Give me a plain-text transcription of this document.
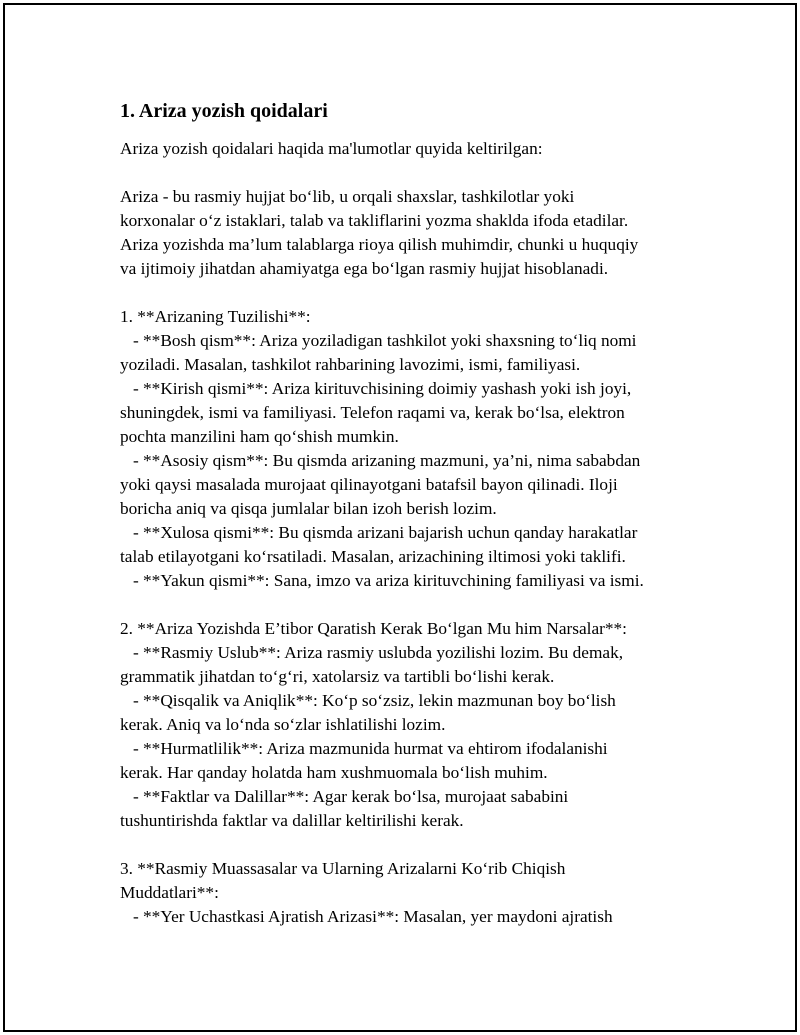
1. Ariza yozish qoidalari

Ariza yozish qoidalari haqida ma'lumotlar quyida keltirilgan:

Ariza - bu rasmiy hujjat bo‘lib, u orqali shaxslar, tashkilotlar yoki
korxonalar o‘z istaklari, talab va takliflarini yozma shaklda ifoda etadilar.
Ariza yozishda ma’lum talablarga rioya qilish muhimdir, chunki u huquqiy
va ijtimoiy jihatdan ahamiyatga ega bo‘lgan rasmiy hujjat hisoblanadi.

1. **Arizaning Tuzilishi**:
- **Bosh qism**: Ariza yoziladigan tashkilot yoki shaxsning to‘liq nomi
yoziladi. Masalan, tashkilot rahbarining lavozimi, ismi, familiyasi.
- **Kirish qismi**: Ariza kirituvchisining doimiy yashash yoki ish joyi,
shuningdek, ismi va familiyasi. Telefon raqami va, kerak bo‘lsa, elektron
pochta manzilini ham qo‘shish mumkin.
- **Asosiy qism**: Bu qismda arizaning mazmuni, ya’ni, nima sababdan
yoki qaysi masalada murojaat qilinayotgani batafsil bayon qilinadi. Iloji
boricha aniq va qisqa jumlalar bilan izoh berish lozim.
- **Xulosa qismi**: Bu qismda arizani bajarish uchun qanday harakatlar
talab etilayotgani ko‘rsatiladi. Masalan, arizachining iltimosi yoki taklifi.
- **Yakun qismi**: Sana, imzo va ariza kirituvchining familiyasi va ismi.

2. **Ariza Yozishda E’tibor Qaratish Kerak Bo‘lgan Mu him Narsalar**:
- **Rasmiy Uslub**: Ariza rasmiy uslubda yozilishi lozim. Bu demak,
grammatik jihatdan to‘g‘ri, xatolarsiz va tartibli bo‘lishi kerak.
- **Qisqalik va Aniqlik**: Ko‘p so‘zsiz, lekin mazmunan boy bo‘lish
kerak. Aniq va lo‘nda so‘zlar ishlatilishi lozim.
- **Hurmatlilik**: Ariza mazmunida hurmat va ehtirom ifodalanishi
kerak. Har qanday holatda ham xushmuomala bo‘lish muhim.
- **Faktlar va Dalillar**: Agar kerak bo‘lsa, murojaat sababini
tushuntirishda faktlar va dalillar keltirilishi kerak.

3. **Rasmiy Muassasalar va Ularning Arizalarni Ko‘rib Chiqish
Muddatlari**:
- **Yer Uchastkasi Ajratish Arizasi**: Masalan, yer maydoni ajratish
